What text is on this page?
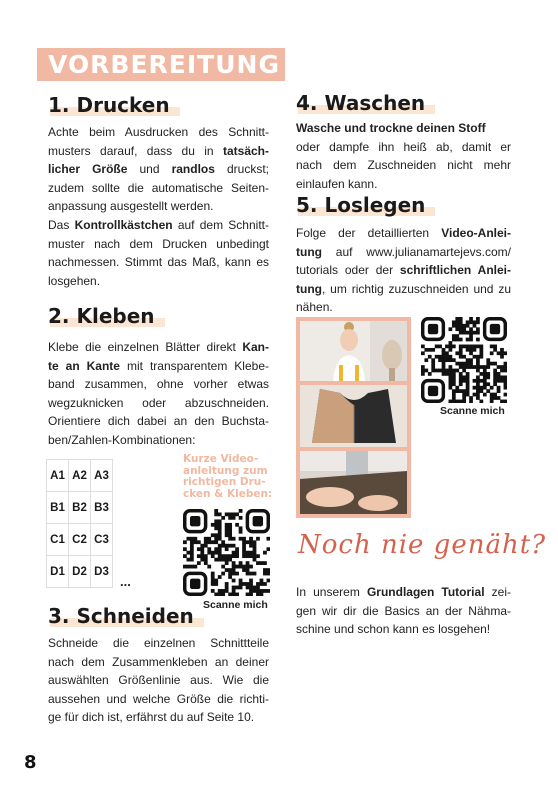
VORBEREITUNG
1. Drucken
Achte beim Ausdrucken des Schnitt-
musters darauf, dass du in tatsäch-
licher Größe und randlos druckst;
zudem sollte die automatische Seiten-
anpassung ausgestellt werden.
Das Kontrollkästchen auf dem Schnitt-
muster nach dem Drucken unbedingt
nachmessen. Stimmt das Maß, kann es
losgehen.
2. Kleben
Klebe die einzelnen Blätter direkt Kan-
te an Kante mit transparentem Klebe-
band zusammen, ohne vorher etwas
wegzuknicken oder abzuschneiden.
Orientiere dich dabei an den Buchsta-
ben/Zahlen-Kombinationen:
A1	A2	A3
B1	B2	B3
C1	C2	C3
D1	D2	D3
...
Kurze Video-
anleitung zum
richtigen Dru-
cken & Kleben:
Scanne mich
3. Schneiden
Schneide die einzelnen Schnittteile
nach dem Zusammenkleben an deiner
auswählten Größenlinie aus. Wie die
aussehen und welche Größe die richti-
ge für dich ist, erfährst du auf Seite 10.
4. Waschen
Wasche und trockne deinen Stoff
oder dampfe ihn heiß ab, damit er
nach dem Zuschneiden nicht mehr
einlaufen kann.
5. Loslegen
Folge der detaillierten Video-Anlei-
tung auf www.julianamartejevs.com/
tutorials oder der schriftlichen Anlei-
tung, um richtig zuzuschneiden und zu
nähen.
Scanne mich
Noch nie genäht?
In unserem Grundlagen Tutorial zei-
gen wir dir die Basics an der Nähma-
schine und schon kann es losgehen!
8
